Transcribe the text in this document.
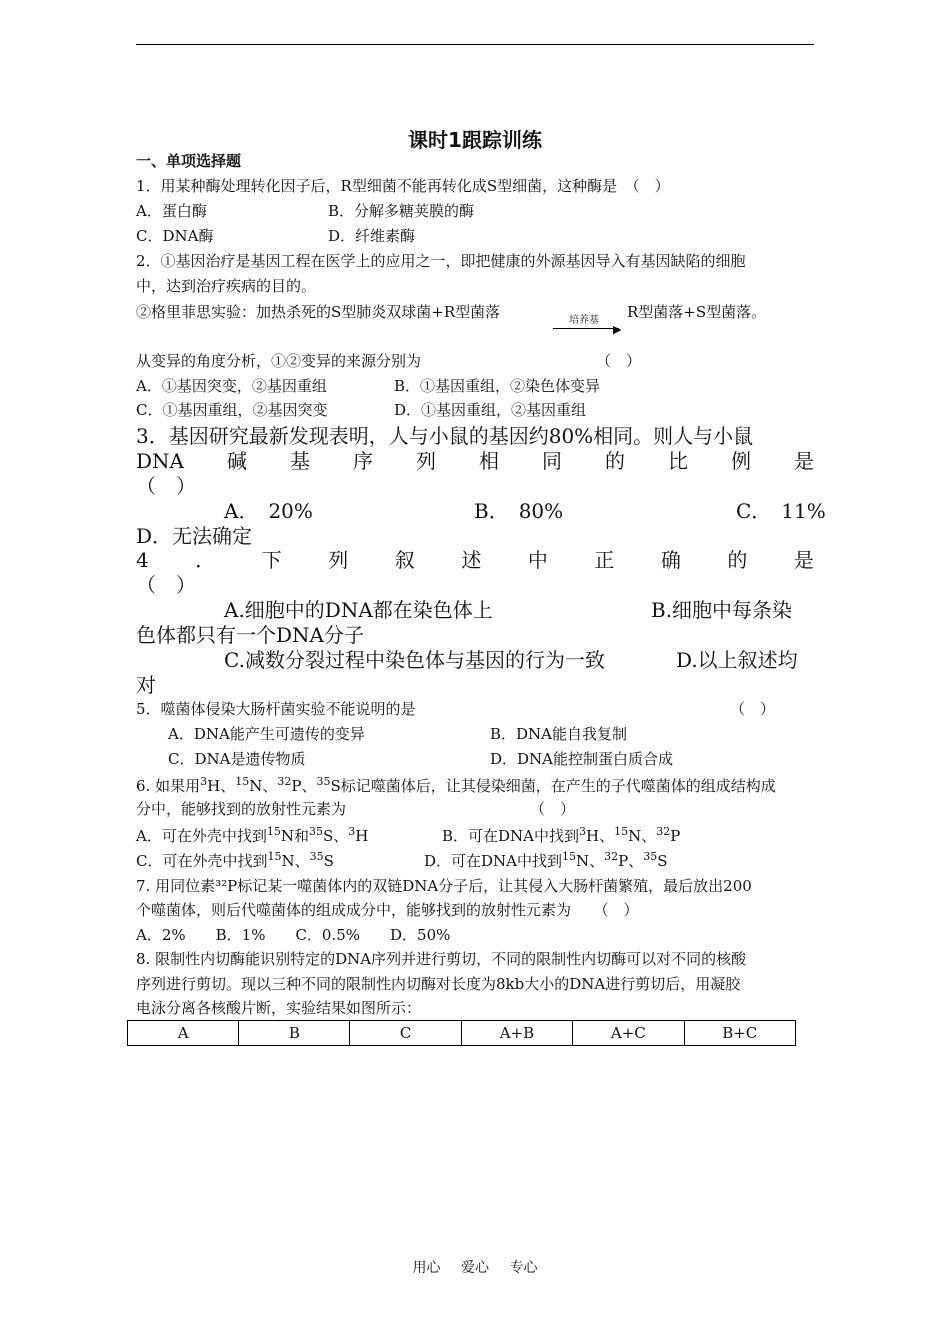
课时1跟踪训练
一、单项选择题
1．用某种酶处理转化因子后，R型细菌不能再转化成S型细菌，这种酶是　（　）
A．蛋白酶	B．分解多糖荚膜的酶
C．DNA酶	D．纤维素酶
2．①基因治疗是基因工程在医学上的应用之一，即把健康的外源基因导入有基因缺陷的细胞
中，达到治疗疾病的目的。
②格里菲思实验：加热杀死的S型肺炎双球菌+R型菌落	培养基
▶
R型菌落+S型菌落。
从变异的角度分析，①②变异的来源分别为	（　）
A．①基因突变，②基因重组	B．①基因重组，②染色体变异
C．①基因重组，②基因突变	D．①基因重组，②基因重组
3．基因研究最新发现表明，人与小鼠的基因约80%相同。则人与小鼠
DNA 碱 基 序 列 相 同 的 比 例 是
（　）
A．　20%	B．　80%	C．　11%
D．无法确定
4 ． 下 列 叙 述 中 正 确 的 是
（　）
A.细胞中的DNA都在染色体上	B.细胞中每条染
色体都只有一个DNA分子
C.减数分裂过程中染色体与基因的行为一致	D.以上叙述均
对
5．噬菌体侵染大肠杆菌实验不能说明的是	（　）
A．DNA能产生可遗传的变异	B．DNA能自我复制
C．DNA是遗传物质	D．DNA能控制蛋白质合成
6. 如果用$^3$H、$^{15}$N、$^{32}$P、$^{35}$S标记噬菌体后，让其侵染细菌，在产生的子代噬菌体的组成结构成
分中，能够找到的放射性元素为	（　）
A．可在外壳中找到$^{15}$N和$^{35}$S、$^3$H	B．可在DNA中找到$^3$H、$^{15}$N、$^{32}$P
C．可在外壳中找到$^{15}$N、$^{35}$S	D．可在DNA中找到$^{15}$N、$^{32}$P、$^{35}$S
7. 用同位素³²P标记某一噬菌体内的双链DNA分子后，让其侵入大肠杆菌繁殖，最后放出200
个噬菌体，则后代噬菌体的组成成分中，能够找到的放射性元素为　　（　）
A．2%　　B．1%　　C．0.5%　　D．50%
8. 限制性内切酶能识别特定的DNA序列并进行剪切，不同的限制性内切酶可以对不同的核酸
序列进行剪切。现以三种不同的限制性内切酶对长度为8kb大小的DNA进行剪切后，用凝胶
电泳分离各核酸片断，实验结果如图所示：
A	B	C	A+B	A+C	B+C
用心 爱心 专心
